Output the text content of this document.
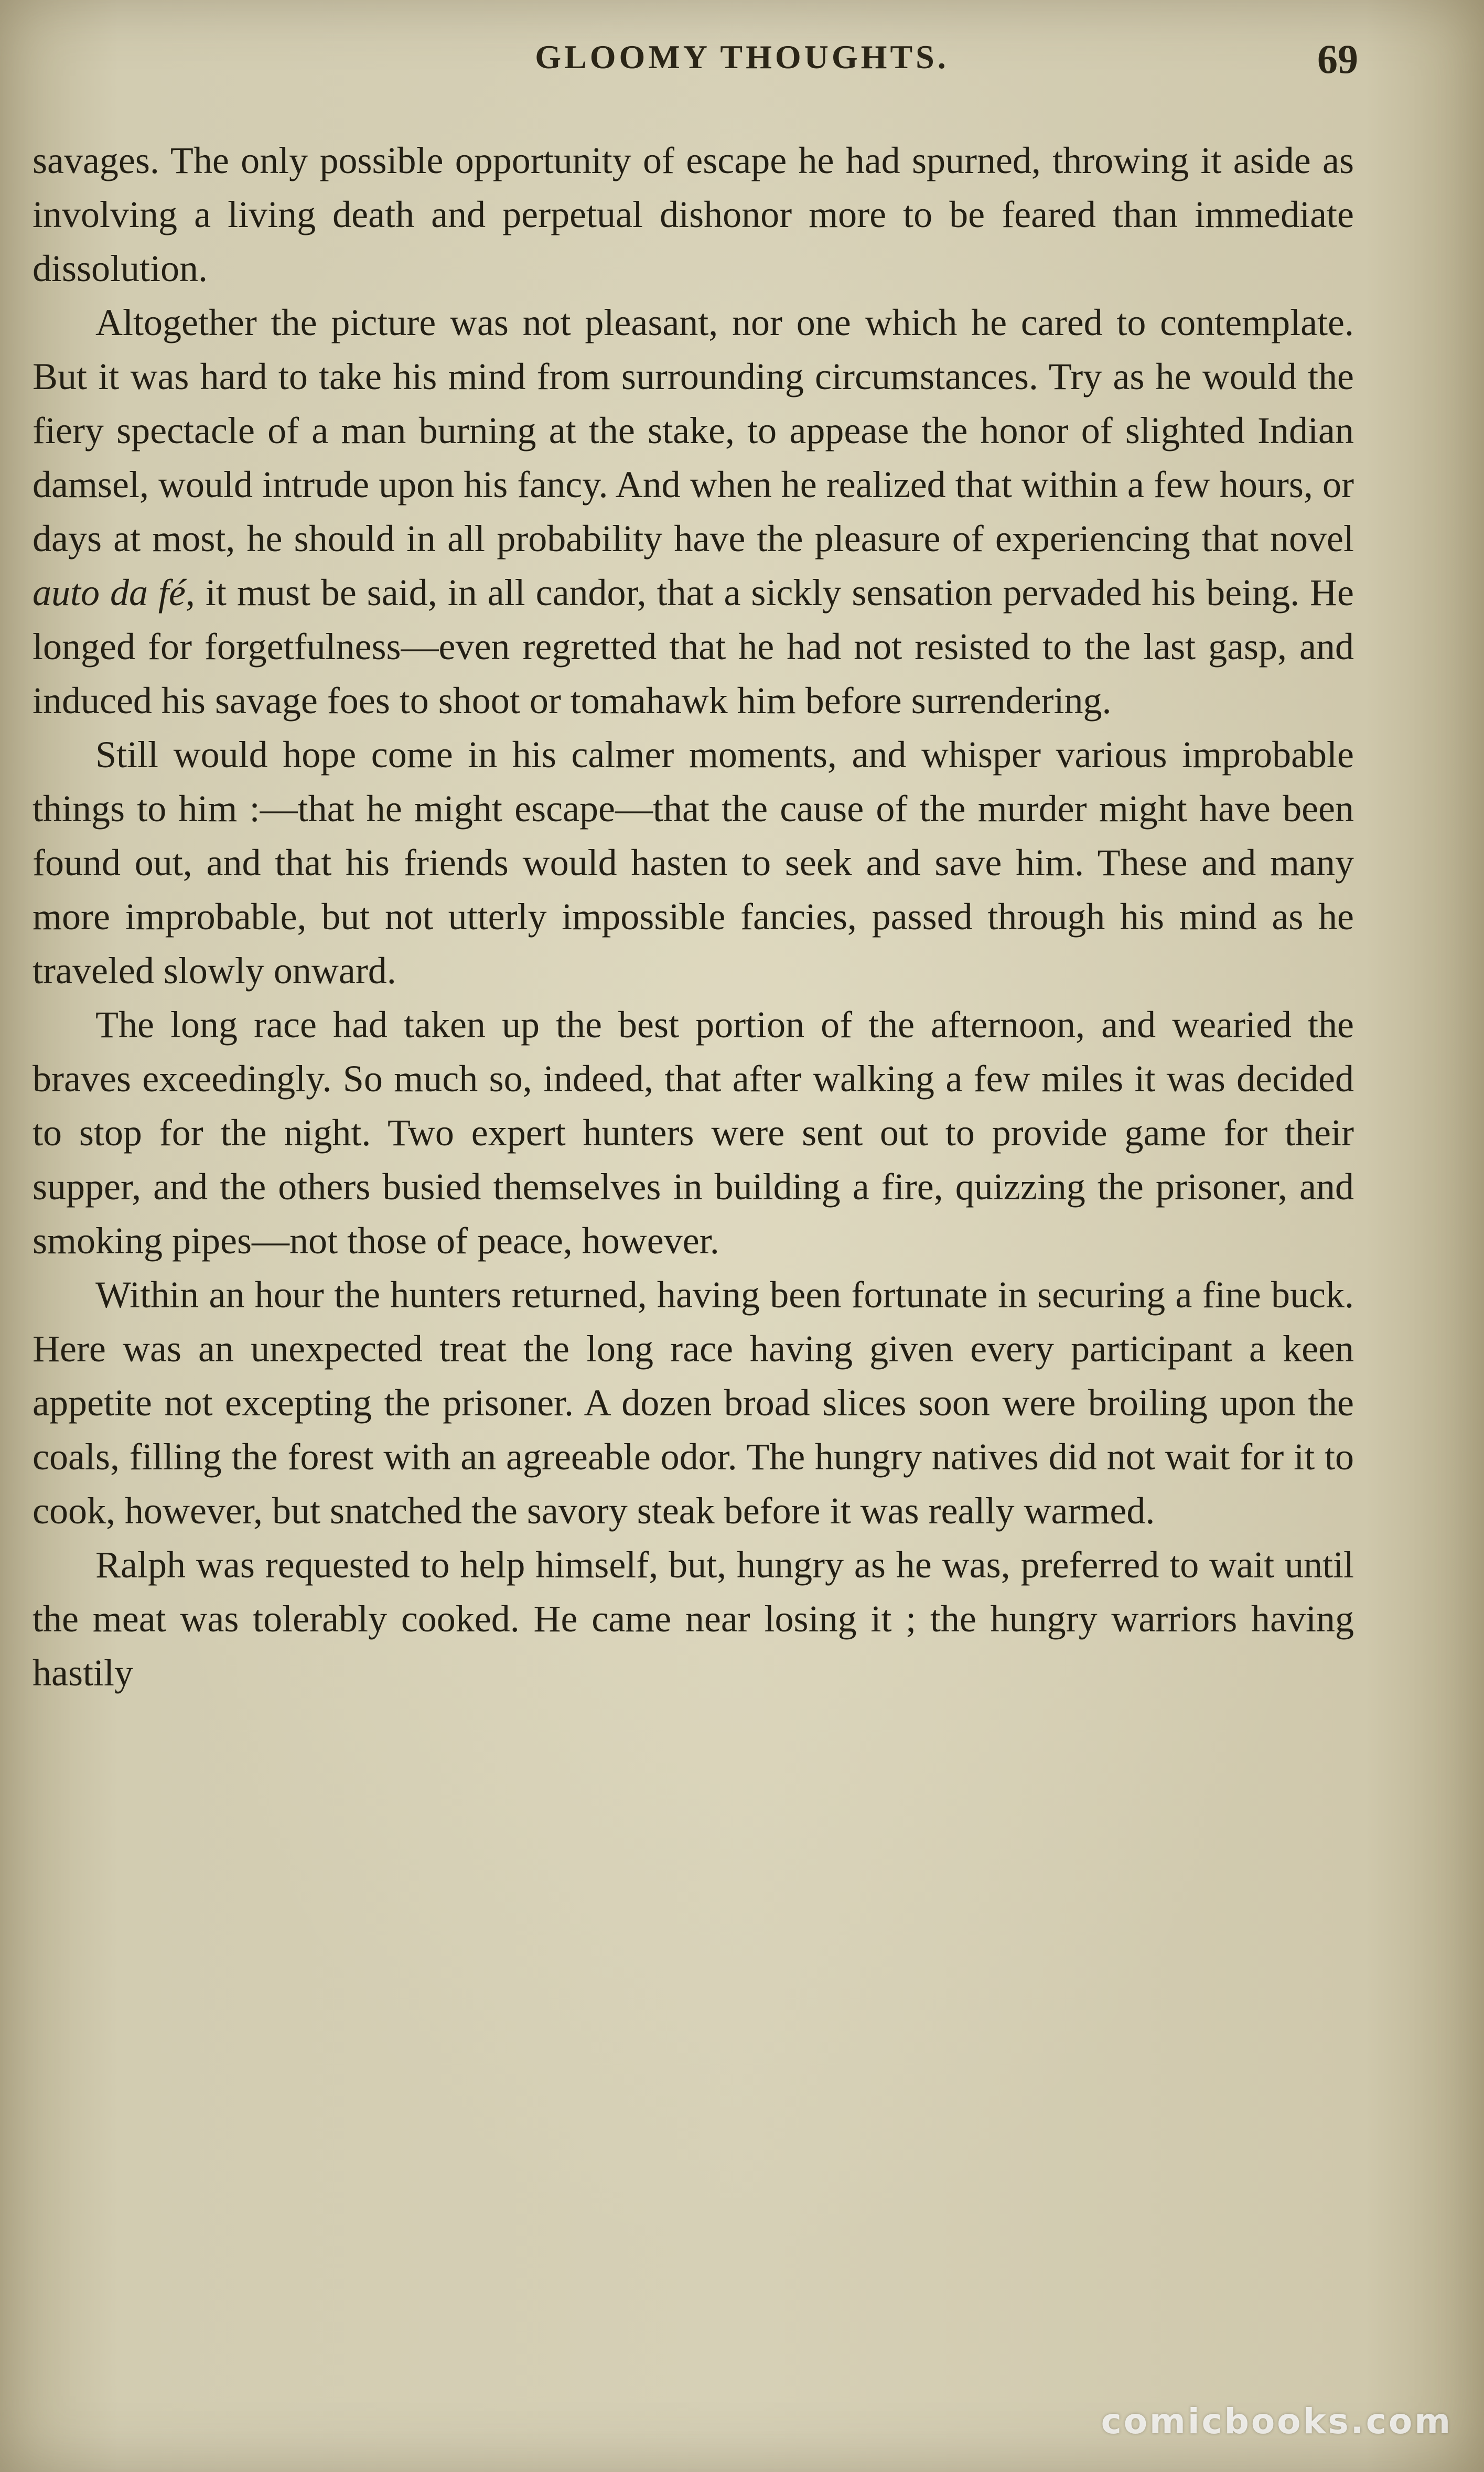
GLOOMY THOUGHTS.	69

savages. The only possible opportunity of escape he had spurned, throwing it aside as involving a living death and perpetual dishonor more to be feared than immediate dissolution.

Altogether the picture was not pleasant, nor one which he cared to contemplate. But it was hard to take his mind from surrounding circumstances. Try as he would the fiery spectacle of a man burning at the stake, to appease the honor of slighted Indian damsel, would intrude upon his fancy. And when he realized that within a few hours, or days at most, he should in all probability have the pleasure of experiencing that novel auto da fé, it must be said, in all candor, that a sickly sensation pervaded his being. He longed for forgetfulness—even regretted that he had not resisted to the last gasp, and induced his savage foes to shoot or tomahawk him before surrendering.

Still would hope come in his calmer moments, and whisper various improbable things to him :—that he might escape—that the cause of the murder might have been found out, and that his friends would hasten to seek and save him. These and many more improbable, but not utterly impossible fancies, passed through his mind as he traveled slowly onward.

The long race had taken up the best portion of the afternoon, and wearied the braves exceedingly. So much so, indeed, that after walking a few miles it was decided to stop for the night. Two expert hunters were sent out to provide game for their supper, and the others busied themselves in building a fire, quizzing the prisoner, and smoking pipes—not those of peace, however.

Within an hour the hunters returned, having been fortunate in securing a fine buck. Here was an unexpected treat the long race having given every participant a keen appetite not excepting the prisoner. A dozen broad slices soon were broiling upon the coals, filling the forest with an agreeable odor. The hungry natives did not wait for it to cook, however, but snatched the savory steak before it was really warmed.

Ralph was requested to help himself, but, hungry as he was, preferred to wait until the meat was tolerably cooked. He came near losing it ; the hungry warriors having hastily

comicbooks.com
